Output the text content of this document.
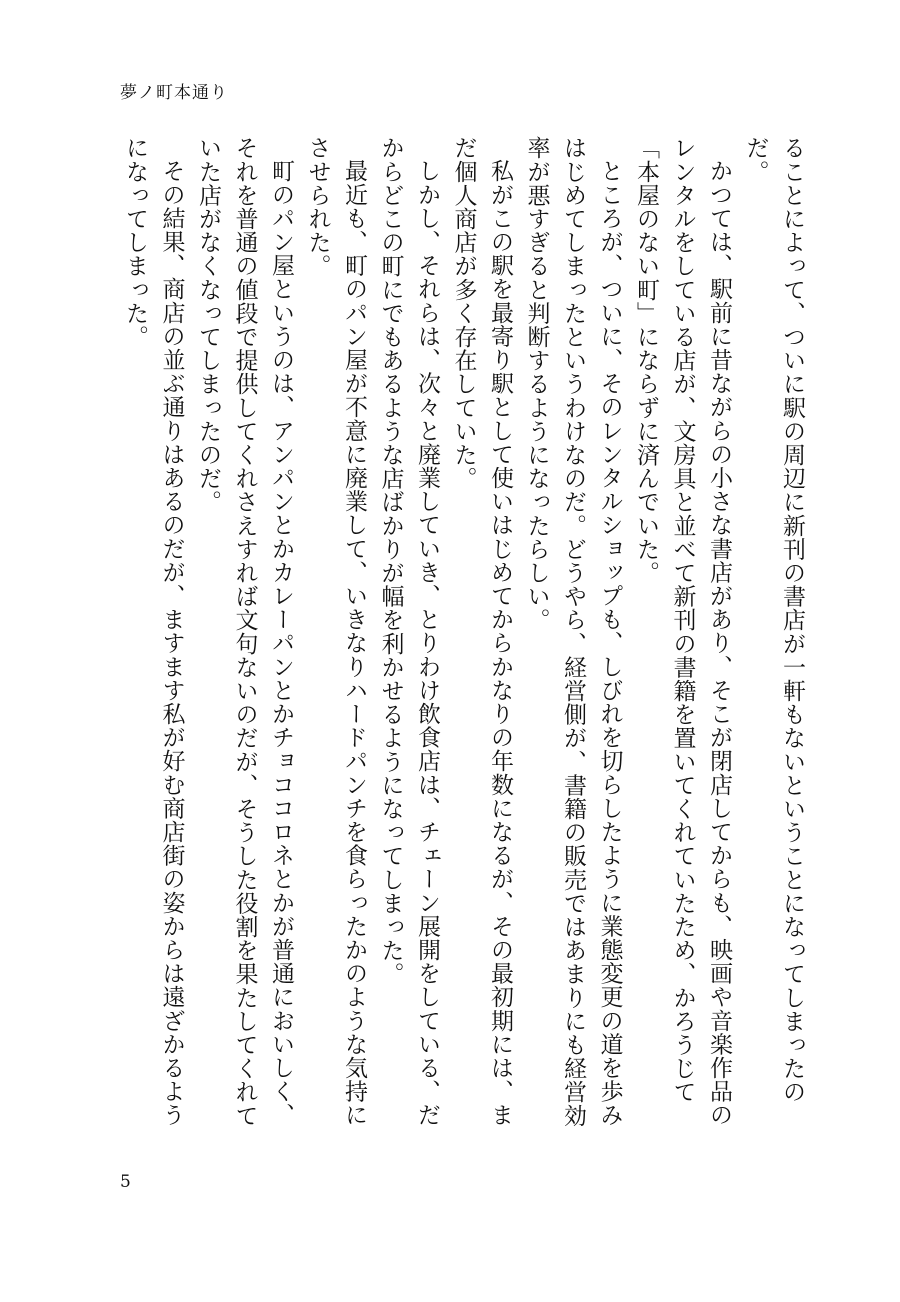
夢ノ町本通り

ることによって、ついに駅の周辺に新刊の書店が一軒もないということになってしまったのだ。

かつては、駅前に昔ながらの小さな書店があり、そこが閉店してからも、映画や音楽作品のレンタルをしている店が、文房具と並べて新刊の書籍を置いてくれていたため、かろうじて「本屋のない町」にならずに済んでいた。

ところが、ついに、そのレンタルショップも、しびれを切らしたように業態変更の道を歩みはじめてしまったというわけなのだ。どうやら、経営側が、書籍の販売ではあまりにも経営効率が悪すぎると判断するようになったらしい。

私がこの駅を最寄り駅として使いはじめてからかなりの年数になるが、その最初期には、まだ個人商店が多く存在していた。

しかし、それらは、次々と廃業していき、とりわけ飲食店は、チェーン展開をしている、だからどこの町にでもあるような店ばかりが幅を利かせるようになってしまった。

最近も、町のパン屋が不意に廃業して、いきなりハードパンチを食らったかのような気持にさせられた。

町のパン屋というのは、アンパンとかカレーパンとかチョココロネとかが普通においしく、それを普通の値段で提供してくれさえすれば文句ないのだが、そうした役割を果たしてくれていた店がなくなってしまったのだ。

その結果、商店の並ぶ通りはあるのだが、ますます私が好む商店街の姿からは遠ざかるようになってしまった。

5
